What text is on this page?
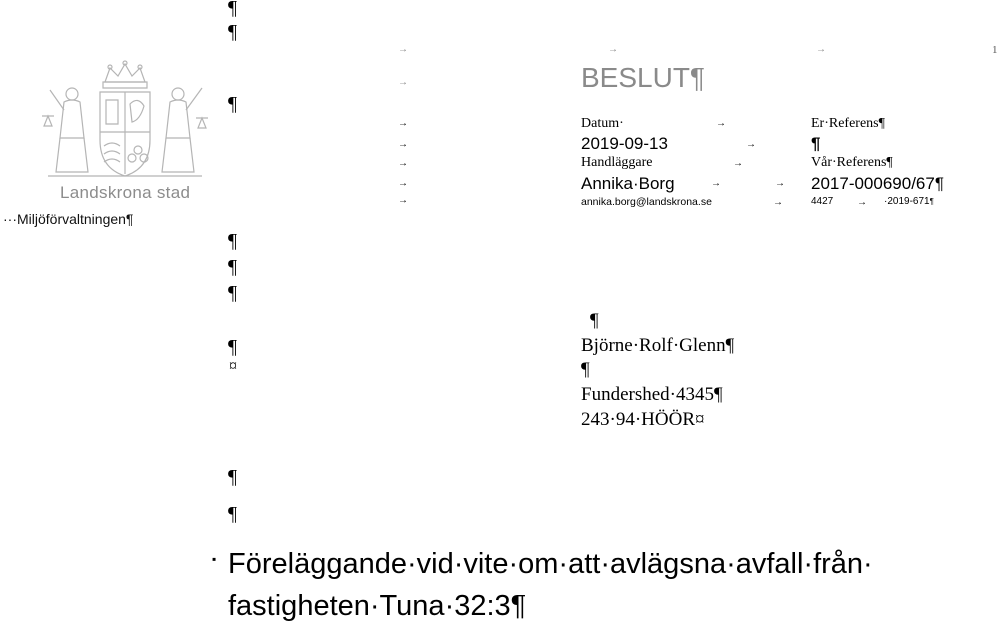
Landskrona stad
···Miljöförvaltningen¶
¶
¶
¶
¶
¶
¶
¶
¤
¶
¶
1
→	→	→
→	BESLUT¶
→
→
→
→
→
Datum·	→	Er·Referens¶
2019-09-13	→	¶
Handläggare	→	Vår·Referens¶
Annika·Borg	→	→ 2017-000690/67¶
annika.borg@landskrona.se	→	4427 → ·2019-671¶
¶
Björne·Rolf·Glenn¶
¶
Fundershed·4345¶
243·94·HÖÖR¤
▪ Föreläggande·vid·vite·om·att·avlägsna·avfall·från·
fastigheten·Tuna·32:3¶
